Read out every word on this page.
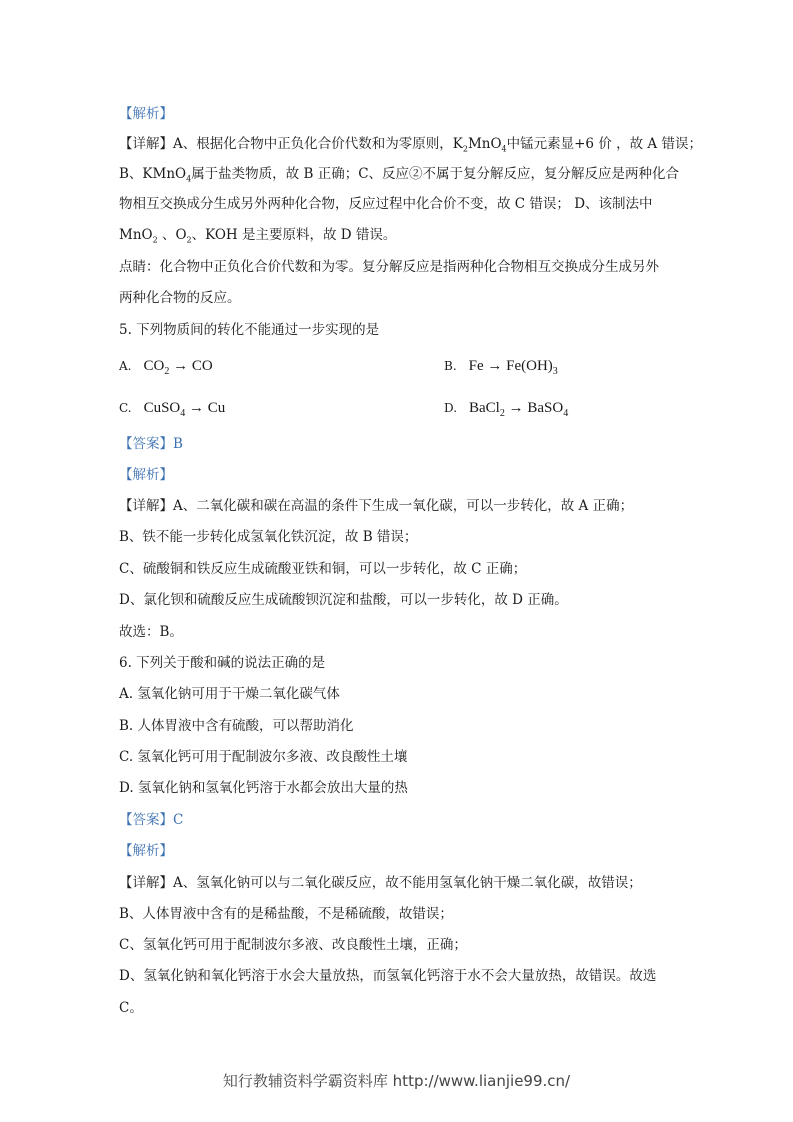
【解析】
【详解】A、根据化合物中正负化合价代数和为零原则，$K_2MnO_4$中锰元素显+6 价 ，故 A 错误；
B、KMnO$_4$属于盐类物质，故 B 正确；C、反应②不属于复分解反应，复分解反应是两种化合
物相互交换成分生成另外两种化合物，反应过程中化合价不变，故 C 错误； D、该制法中
MnO$_2$ 、$O_2$、KOH 是主要原料，故 D 错误。
点睛：化合物中正负化合价代数和为零。复分解反应是指两种化合物相互交换成分生成另外
两种化合物的反应。
5. 下列物质间的转化不能通过一步实现的是
A. $CO_2$ → CO	B. $Fe \to Fe(OH)_3$
C. CuSO$_4$ → Cu	D. BaCl$_2$ → BaSO$_4$
【答案】B
【解析】
【详解】A、二氧化碳和碳在高温的条件下生成一氧化碳，可以一步转化，故 A 正确；
B、铁不能一步转化成氢氧化铁沉淀，故 B 错误；
C、硫酸铜和铁反应生成硫酸亚铁和铜，可以一步转化，故 C 正确；
D、氯化钡和硫酸反应生成硫酸钡沉淀和盐酸，可以一步转化，故 D 正确。
故选：B。
6. 下列关于酸和碱的说法正确的是
A. 氢氧化钠可用于干燥二氧化碳气体
B. 人体胃液中含有硫酸，可以帮助消化
C. 氢氧化钙可用于配制波尔多液、改良酸性土壤
D. 氢氧化钠和氢氧化钙溶于水都会放出大量的热
【答案】C
【解析】
【详解】A、氢氧化钠可以与二氧化碳反应，故不能用氢氧化钠干燥二氧化碳，故错误；
B、人体胃液中含有的是稀盐酸，不是稀硫酸，故错误；
C、氢氧化钙可用于配制波尔多液、改良酸性土壤，正确；
D、氢氧化钠和氧化钙溶于水会大量放热，而氢氧化钙溶于水不会大量放热，故错误。故选
C。
知行教辅资料学霸资料库 http://www.lianjie99.cn/
